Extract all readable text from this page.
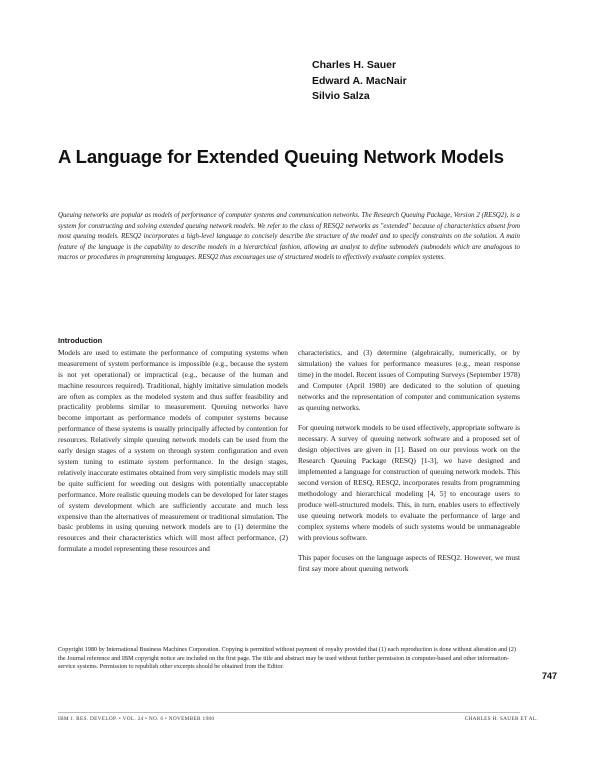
Charles H. Sauer
Edward A. MacNair
Silvio Salza
A Language for Extended Queuing Network Models
Queuing networks are popular as models of performance of computer systems and communication networks. The Research Queuing Package, Version 2 (RESQ2), is a system for constructing and solving extended queuing network models. We refer to the class of RESQ2 networks as "extended" because of characteristics absent from most queuing models. RESQ2 incorporates a high-level language to concisely describe the structure of the model and to specify constraints on the solution. A main feature of the language is the capability to describe models in a hierarchical fashion, allowing an analyst to define submodels (subnodels which are analogous to macros or procedures in programming languages. RESQ2 thus encourages use of structured models to effectively evaluate complex systems.
Introduction

Models are used to estimate the performance of computing systems when measurement of system performance is impossible (e.g., because the system is not yet operational) or impractical (e.g., because of the human and machine resources required). Traditional, highly imitative simulation models are often as complex as the modeled system and thus suffer feasibility and practicality problems similar to measurement. Queuing networks have become important as performance models of computer systems because performance of these systems is usually principally affected by contention for resources. Relatively simple queuing network models can be used from the early design stages of a system on through system configuration and even system tuning to estimate system performance. In the design stages, relatively inaccurate estimates obtained from very simplistic models may still be quite sufficient for weeding out designs with potentially unacceptable performance. More realistic queuing models can be developed for later stages of system development which are sufficiently accurate and much less expensive than the alternatives of measurement or traditional simulation. The basic problems in using queuing network models are to (1) determine the resources and their characteristics which will most affect performance, (2) formulate a model representing these resources and

characteristics, and (3) determine (algebraically, numerically, or by simulation) the values for performance measures (e.g., mean response time) in the model. Recent issues of Computing Surveys (September 1978) and Computer (April 1980) are dedicated to the solution of queuing networks and the representation of computer and communication systems as queuing networks.

For queuing network models to be used effectively, appropriate software is necessary. A survey of queuing network software and a proposed set of design objectives are given in [1]. Based on our previous work on the Research Queuing Package (RESQ) [1-3], we have designed and implemented a language for construction of queuing network models. This second version of RESQ, RESQ2, incorporates results from programming methodology and hierarchical modeling [4, 5] to encourage users to produce well-structured models. This, in turn, enables users to effectively use queuing network models to evaluate the performance of large and complex systems where models of such systems would be unmanageable with previous software.

This paper focuses on the language aspects of RESQ2. However, we must first say more about queuing network

Copyright 1980 by International Business Machines Corporation. Copying is permitted without payment of royalty provided that (1) each reproduction is done without alteration and (2) the Journal reference and IBM copyright notice are included on the first page. The title and abstract may be used without further permission in computer-based and other information-service systems. Permission to republish other excerpts should be obtained from the Editor.
747
IBM J. RES. DEVELOP. • VOL. 24 • NO. 6 • NOVEMBER 1980	CHARLES H. SAUER ET AL.
